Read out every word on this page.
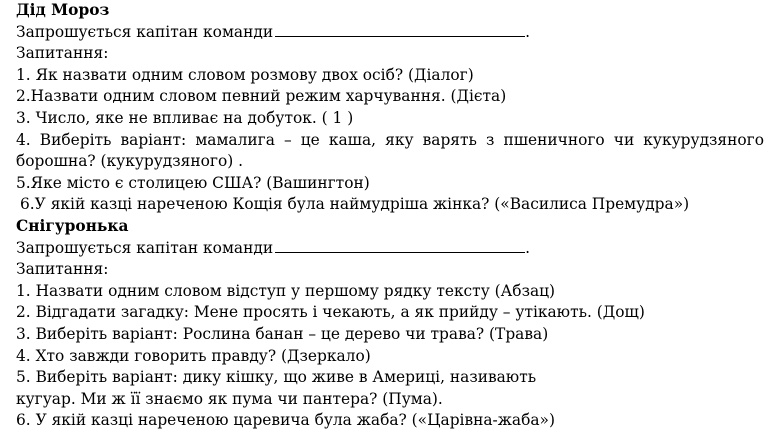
Дід Мороз
Запрошується капітан команди	.
Запитання:
1. Як назвати одним словом розмову двох осіб? (Діалог)
2.Назвати одним словом певний режим харчування. (Дієта)
3. Число, яке не впливає на добуток. ( 1 )
4. Виберіть варіант: мамалига – це каша, яку варять з пшеничного чи кукурудзяного
борошна? (кукурудзяного) .
5.Яке місто є столицею США? (Вашингтон)
6.У якій казці нареченою Кощія була наймудріша жінка? («Василиса Премудра»)
Снігуронька
Запрошується капітан команди	.
Запитання:
1. Назвати одним словом відступ у першому рядку тексту (Абзац)
2. Відгадати загадку: Мене просять і чекають, а як прийду – утікають. (Дощ)
3. Виберіть варіант: Рослина банан – це дерево чи трава? (Трава)
4. Хто завжди говорить правду? (Дзеркало)
5. Виберіть варіант: дику кішку, що живе в Америці, називають
кугуар. Ми ж її знаємо як пума чи пантера? (Пума).
6. У якій казці нареченою царевича була жаба? («Царівна-жаба»)
